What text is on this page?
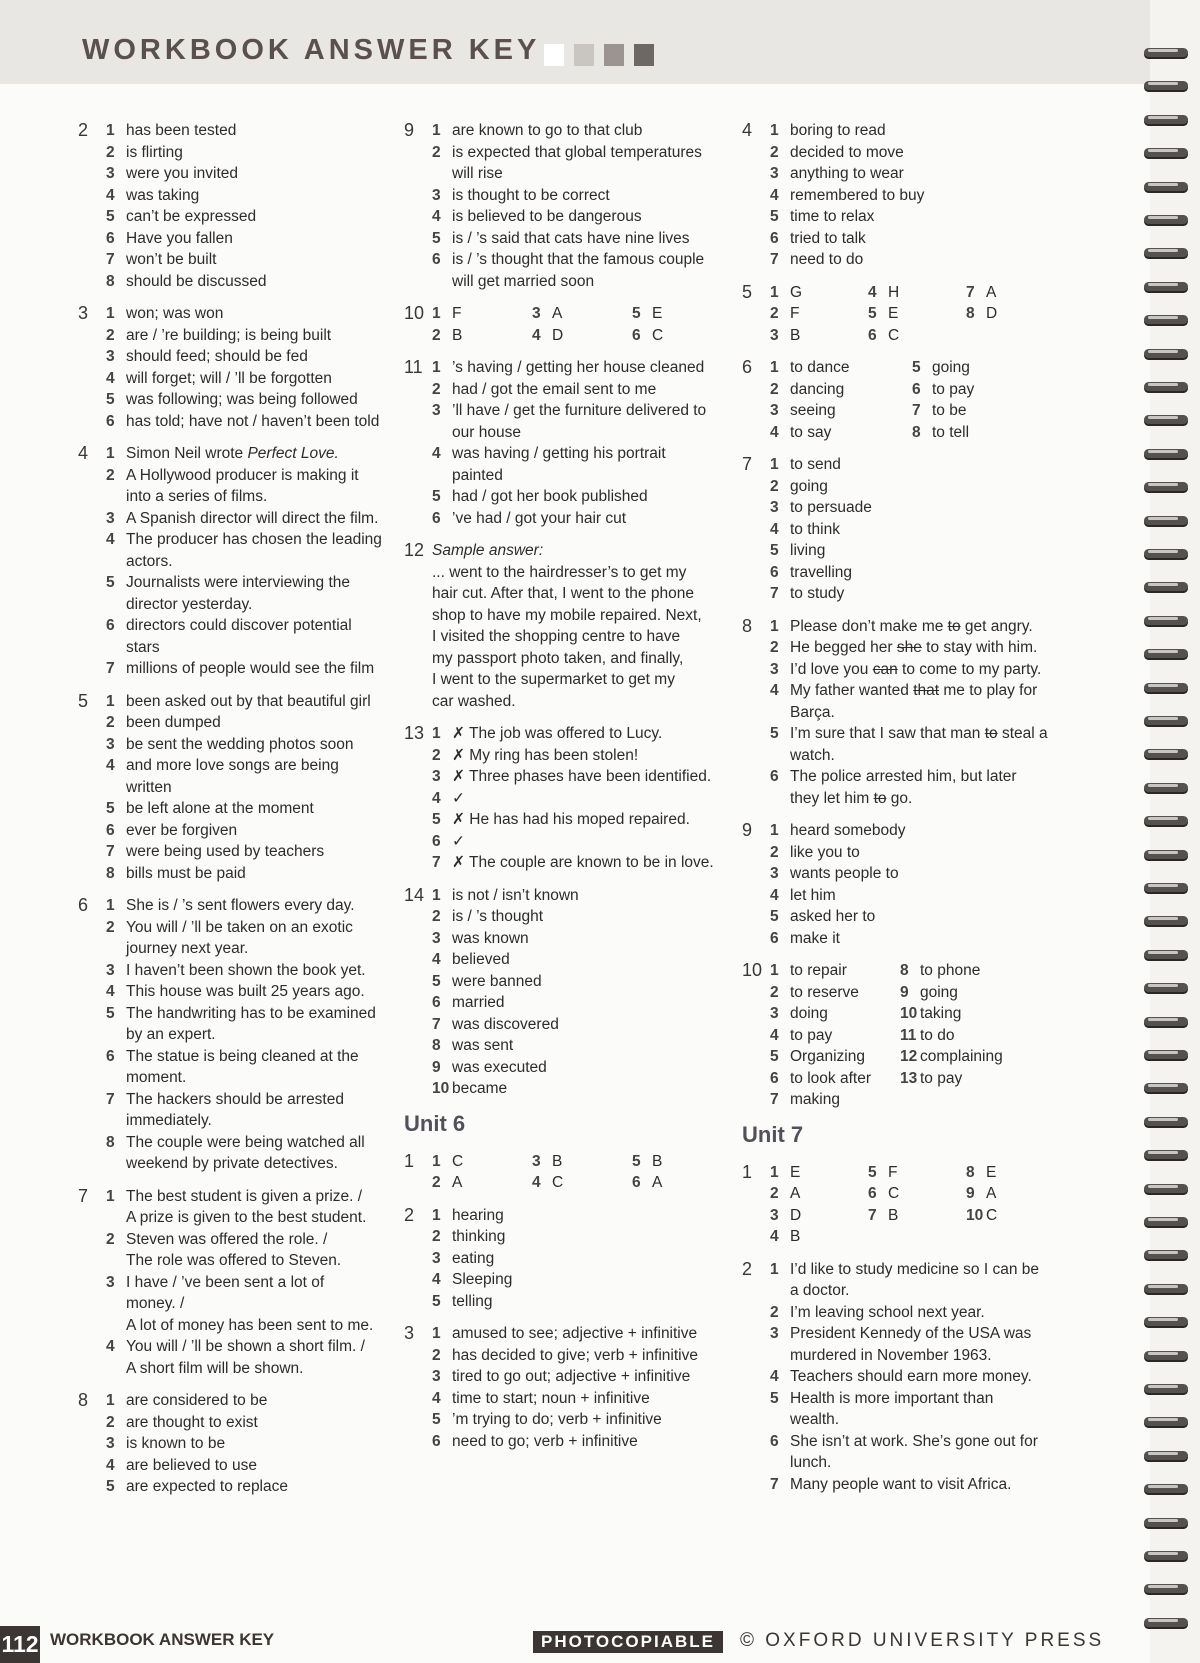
WORKBOOK ANSWER KEY
2 1 has been tested
2 is flirting
3 were you invited
4 was taking
5 can’t be expressed
6 Have you fallen
7 won’t be built
8 should be discussed
3 1 won; was won
2 are / ’re building; is being built
3 should feed; should be fed
4 will forget; will / ’ll be forgotten
5 was following; was being followed
6 has told; have not / haven’t been told
4 1 Simon Neil wrote Perfect Love.
2 A Hollywood producer is making it
into a series of films.
3 A Spanish director will direct the film.
4 The producer has chosen the leading
actors.
5 Journalists were interviewing the
director yesterday.
6 directors could discover potential
stars
7 millions of people would see the film
5 1 been asked out by that beautiful girl
2 been dumped
3 be sent the wedding photos soon
4 and more love songs are being
written
5 be left alone at the moment
6 ever be forgiven
7 were being used by teachers
8 bills must be paid
6 1 She is / ’s sent flowers every day.
2 You will / ’ll be taken on an exotic
journey next year.
3 I haven’t been shown the book yet.
4 This house was built 25 years ago.
5 The handwriting has to be examined
by an expert.
6 The statue is being cleaned at the
moment.
7 The hackers should be arrested
immediately.
8 The couple were being watched all
weekend by private detectives.
7 1 The best student is given a prize. /
A prize is given to the best student.
2 Steven was offered the role. /
The role was offered to Steven.
3 I have / ’ve been sent a lot of
money. /
A lot of money has been sent to me.
4 You will / ’ll be shown a short film. /
A short film will be shown.
8 1 are considered to be
2 are thought to exist
3 is known to be
4 are believed to use
5 are expected to replace
9 1 are known to go to that club
2 is expected that global temperatures
will rise
3 is thought to be correct
4 is believed to be dangerous
5 is / ’s said that cats have nine lives
6 is / ’s thought that the famous couple
will get married soon
10 1 F	3 A	5 E
2 B	4 D	6 C
11 1 ’s having / getting her house cleaned
2 had / got the email sent to me
3 ’ll have / get the furniture delivered to
our house
4 was having / getting his portrait
painted
5 had / got her book published
6 ’ve had / got your hair cut
12 Sample answer:
... went to the hairdresser’s to get my
hair cut. After that, I went to the phone
shop to have my mobile repaired. Next,
I visited the shopping centre to have
my passport photo taken, and finally,
I went to the supermarket to get my
car washed.
13 1 ✗ The job was offered to Lucy.
2 ✗ My ring has been stolen!
3 ✗ Three phases have been identified.
4 ✓
5 ✗ He has had his moped repaired.
6 ✓
7 ✗ The couple are known to be in love.
14 1 is not / isn’t known
2 is / ’s thought
3 was known
4 believed
5 were banned
6 married
7 was discovered
8 was sent
9 was executed
10 became
Unit 6
1 1 C	3 B	5 B
2 A	4 C	6 A
2 1 hearing
2 thinking
3 eating
4 Sleeping
5 telling
3 1 amused to see; adjective + infinitive
2 has decided to give; verb + infinitive
3 tired to go out; adjective + infinitive
4 time to start; noun + infinitive
5 ’m trying to do; verb + infinitive
6 need to go; verb + infinitive
4 1 boring to read
2 decided to move
3 anything to wear
4 remembered to buy
5 time to relax
6 tried to talk
7 need to do
5 1 G	4 H	7 A
2 F	5 E	8 D
3 B	6 C
6 1 to dance	5 going
2 dancing	6 to pay
3 seeing	7 to be
4 to say	8 to tell
7 1 to send
2 going
3 to persuade
4 to think
5 living
6 travelling
7 to study
8 1 Please don’t make me to get angry.
2 He begged her she to stay with him.
3 I’d love you can to come to my party.
4 My father wanted that me to play for
Barça.
5 I’m sure that I saw that man to steal a
watch.
6 The police arrested him, but later
they let him to go.
9 1 heard somebody
2 like you to
3 wants people to
4 let him
5 asked her to
6 make it
10 1 to repair	8 to phone
2 to reserve	9 going
3 doing	10 taking
4 to pay	11 to do
5 Organizing	12 complaining
6 to look after	13 to pay
7 making
Unit 7
1 1 E	5 F	8 E
2 A	6 C	9 A
3 D	7 B	10 C
4 B
2 1 I’d like to study medicine so I can be
a doctor.
2 I’m leaving school next year.
3 President Kennedy of the USA was
murdered in November 1963.
4 Teachers should earn more money.
5 Health is more important than
wealth.
6 She isn’t at work. She’s gone out for
lunch.
7 Many people want to visit Africa.
112 WORKBOOK ANSWER KEY	PHOTOCOPIABLE	© OXFORD UNIVERSITY PRESS
